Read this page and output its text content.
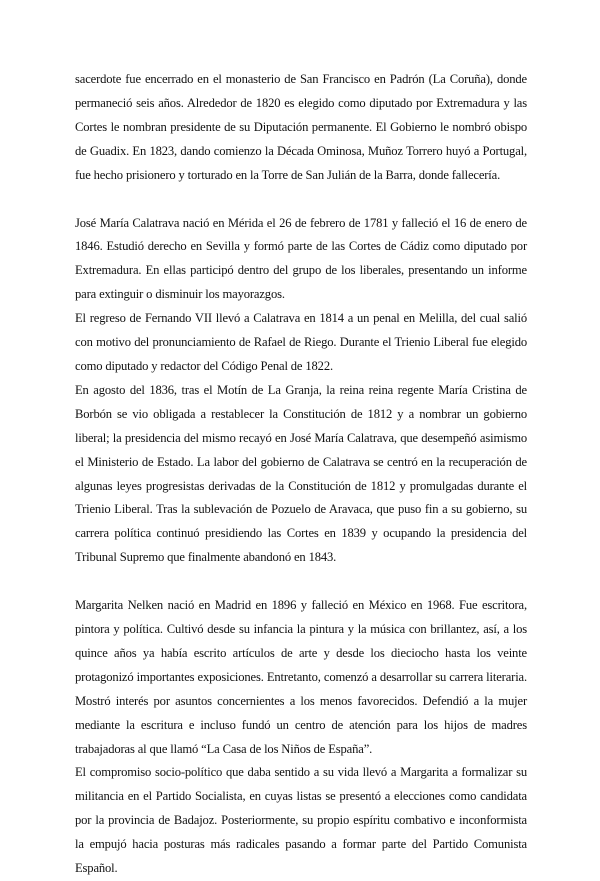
sacerdote fue encerrado en el monasterio de San Francisco en Padrón (La Coruña), donde permaneció seis años. Alrededor de 1820 es elegido como diputado por Extremadura y las Cortes le nombran presidente de su Diputación permanente. El Gobierno le nombró obispo de Guadix. En 1823, dando comienzo la Década Ominosa, Muñoz Torrero huyó a Portugal, fue hecho prisionero y torturado en la Torre de San Julián de la Barra, donde fallecería.

José María Calatrava nació en Mérida el 26 de febrero de 1781 y falleció el 16 de enero de 1846. Estudió derecho en Sevilla y formó parte de las Cortes de Cádiz como diputado por Extremadura. En ellas participó dentro del grupo de los liberales, presentando un informe para extinguir o disminuir los mayorazgos.

El regreso de Fernando VII llevó a Calatrava en 1814 a un penal en Melilla, del cual salió con motivo del pronunciamiento de Rafael de Riego. Durante el Trienio Liberal fue elegido como diputado y redactor del Código Penal de 1822.

En agosto del 1836, tras el Motín de La Granja, la reina reina regente María Cristina de Borbón se vio obligada a restablecer la Constitución de 1812 y a nombrar un gobierno liberal; la presidencia del mismo recayó en José María Calatrava, que desempeñó asimismo el Ministerio de Estado. La labor del gobierno de Calatrava se centró en la recuperación de algunas leyes progresistas derivadas de la Constitución de 1812 y promulgadas durante el Trienio Liberal. Tras la sublevación de Pozuelo de Aravaca, que puso fin a su gobierno, su carrera política continuó presidiendo las Cortes en 1839 y ocupando la presidencia del Tribunal Supremo que finalmente abandonó en 1843.

Margarita Nelken nació en Madrid en 1896 y falleció en México en 1968. Fue escritora, pintora y política. Cultivó desde su infancia la pintura y la música con brillantez, así, a los quince años ya había escrito artículos de arte y desde los dieciocho hasta los veinte protagonizó importantes exposiciones. Entretanto, comenzó a desarrollar su carrera literaria. Mostró interés por asuntos concernientes a los menos favorecidos. Defendió a la mujer mediante la escritura e incluso fundó un centro de atención para los hijos de madres trabajadoras al que llamó “La Casa de los Niños de España”.

El compromiso socio-político que daba sentido a su vida llevó a Margarita a formalizar su militancia en el Partido Socialista, en cuyas listas se presentó a elecciones como candidata por la provincia de Badajoz. Posteriormente, su propio espíritu combativo e inconformista la empujó hacia posturas más radicales pasando a formar parte del Partido Comunista Español.
